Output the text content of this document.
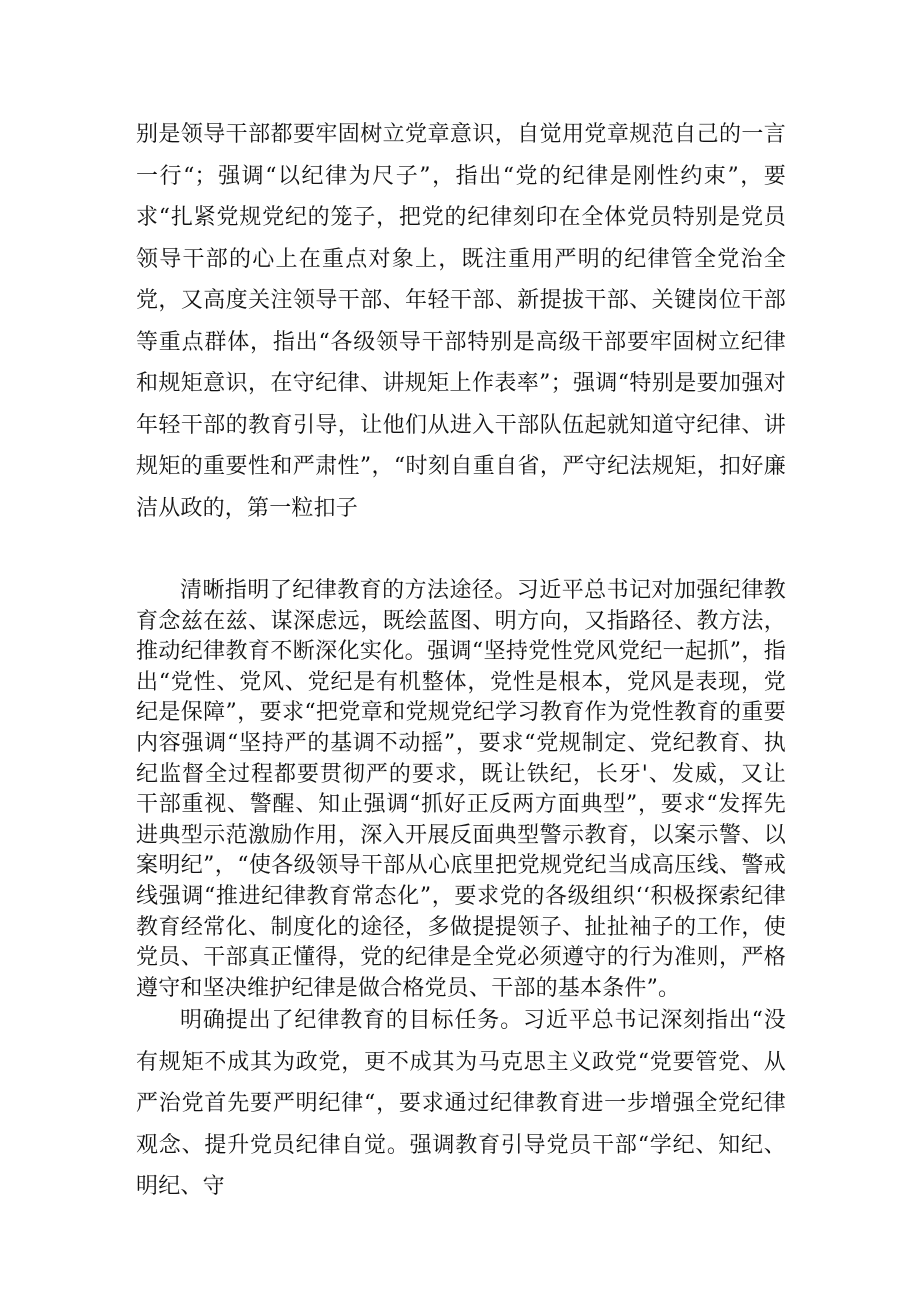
别是领导干部都要牢固树立党章意识，自觉用党章规范自己的一言一行“；强调“以纪律为尺子”，指出“党的纪律是刚性约束”，要求“扎紧党规党纪的笼子，把党的纪律刻印在全体党员特别是党员领导干部的心上在重点对象上，既注重用严明的纪律管全党治全党，又高度关注领导干部、年轻干部、新提拔干部、关键岗位干部等重点群体，指出“各级领导干部特别是高级干部要牢固树立纪律和规矩意识，在守纪律、讲规矩上作表率”；强调“特别是要加强对年轻干部的教育引导，让他们从进入干部队伍起就知道守纪律、讲规矩的重要性和严肃性”，“时刻自重自省，严守纪法规矩，扣好廉洁从政的，第一粒扣子

清晰指明了纪律教育的方法途径。习近平总书记对加强纪律教育念兹在兹、谋深虑远，既绘蓝图、明方向，又指路径、教方法，推动纪律教育不断深化实化。强调“坚持党性党风党纪一起抓”，指出“党性、党风、党纪是有机整体，党性是根本，党风是表现，党纪是保障”，要求“把党章和党规党纪学习教育作为党性教育的重要内容强调“坚持严的基调不动摇”，要求“党规制定、党纪教育、执纪监督全过程都要贯彻严的要求，既让铁纪，长牙'、发威，又让干部重视、警醒、知止强调“抓好正反两方面典型”，要求“发挥先进典型示范激励作用，深入开展反面典型警示教育，以案示警、以案明纪”，“使各级领导干部从心底里把党规党纪当成高压线、警戒线强调“推进纪律教育常态化”，要求党的各级组织‘‘积极探索纪律教育经常化、制度化的途径，多做提提领子、扯扯袖子的工作，使党员、干部真正懂得，党的纪律是全党必须遵守的行为准则，严格遵守和坚决维护纪律是做合格党员、干部的基本条件”。

明确提出了纪律教育的目标任务。习近平总书记深刻指出“没有规矩不成其为政党，更不成其为马克思主义政党“党要管党、从严治党首先要严明纪律“，要求通过纪律教育进一步增强全党纪律观念、提升党员纪律自觉。强调教育引导党员干部“学纪、知纪、明纪、守
